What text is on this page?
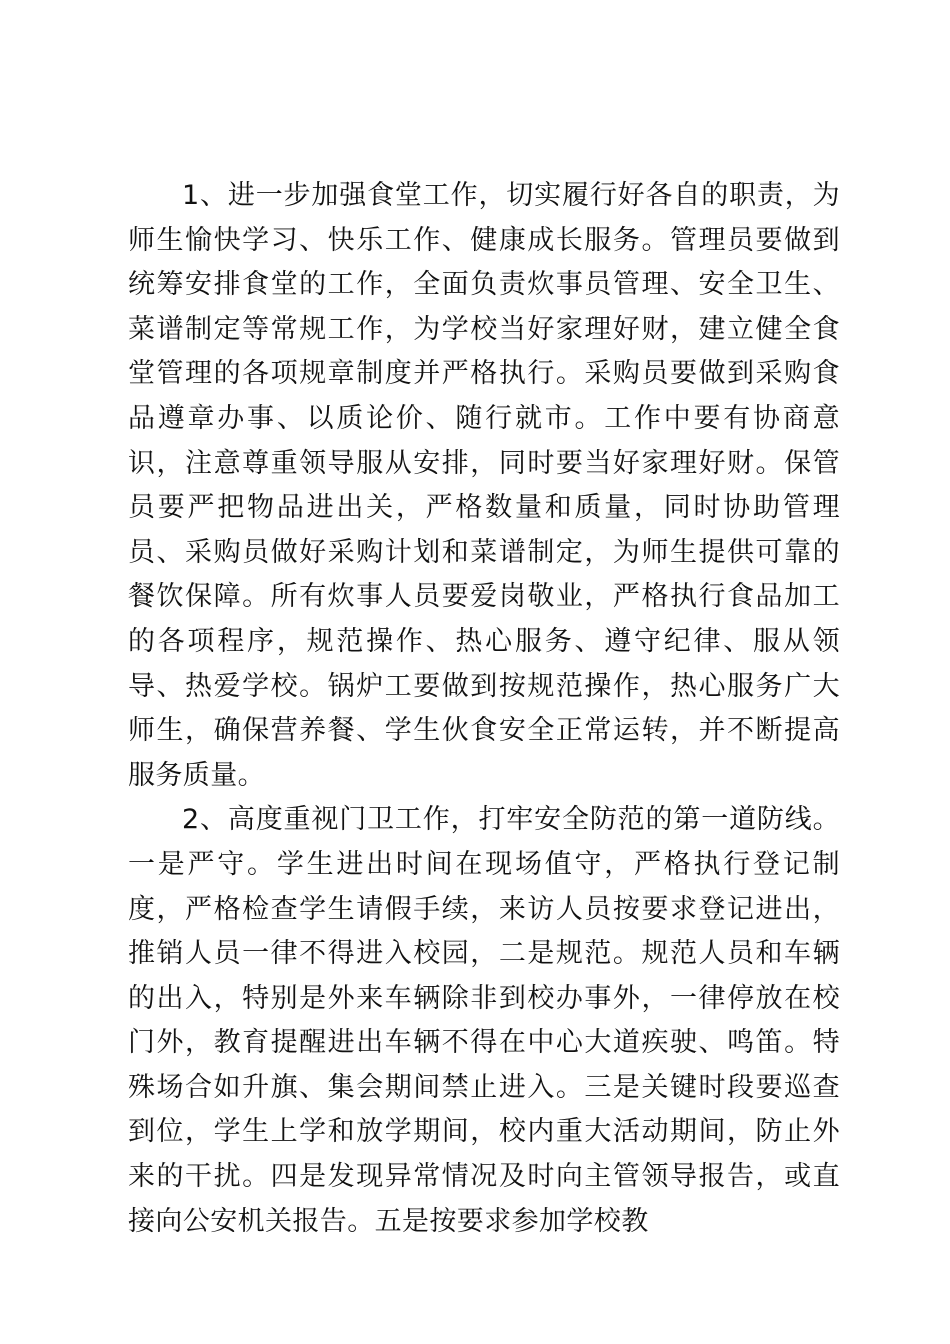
1、进一步加强食堂工作，切实履行好各自的职责，为师生愉快学习、快乐工作、健康成长服务。管理员要做到统筹安排食堂的工作，全面负责炊事员管理、安全卫生、菜谱制定等常规工作，为学校当好家理好财，建立健全食堂管理的各项规章制度并严格执行。采购员要做到采购食品遵章办事、以质论价、随行就市。工作中要有协商意识，注意尊重领导服从安排，同时要当好家理好财。保管员要严把物品进出关，严格数量和质量，同时协助管理员、采购员做好采购计划和菜谱制定，为师生提供可靠的餐饮保障。所有炊事人员要爱岗敬业，严格执行食品加工的各项程序，规范操作、热心服务、遵守纪律、服从领导、热爱学校。锅炉工要做到按规范操作，热心服务广大师生，确保营养餐、学生伙食安全正常运转，并不断提高服务质量。

2、高度重视门卫工作，打牢安全防范的第一道防线。一是严守。学生进出时间在现场值守，严格执行登记制度，严格检查学生请假手续，来访人员按要求登记进出，推销人员一律不得进入校园，二是规范。规范人员和车辆的出入，特别是外来车辆除非到校办事外，一律停放在校门外，教育提醒进出车辆不得在中心大道疾驶、鸣笛。特殊场合如升旗、集会期间禁止进入。三是关键时段要巡查到位，学生上学和放学期间，校内重大活动期间，防止外来的干扰。四是发现异常情况及时向主管领导报告，或直接向公安机关报告。五是按要求参加学校教
